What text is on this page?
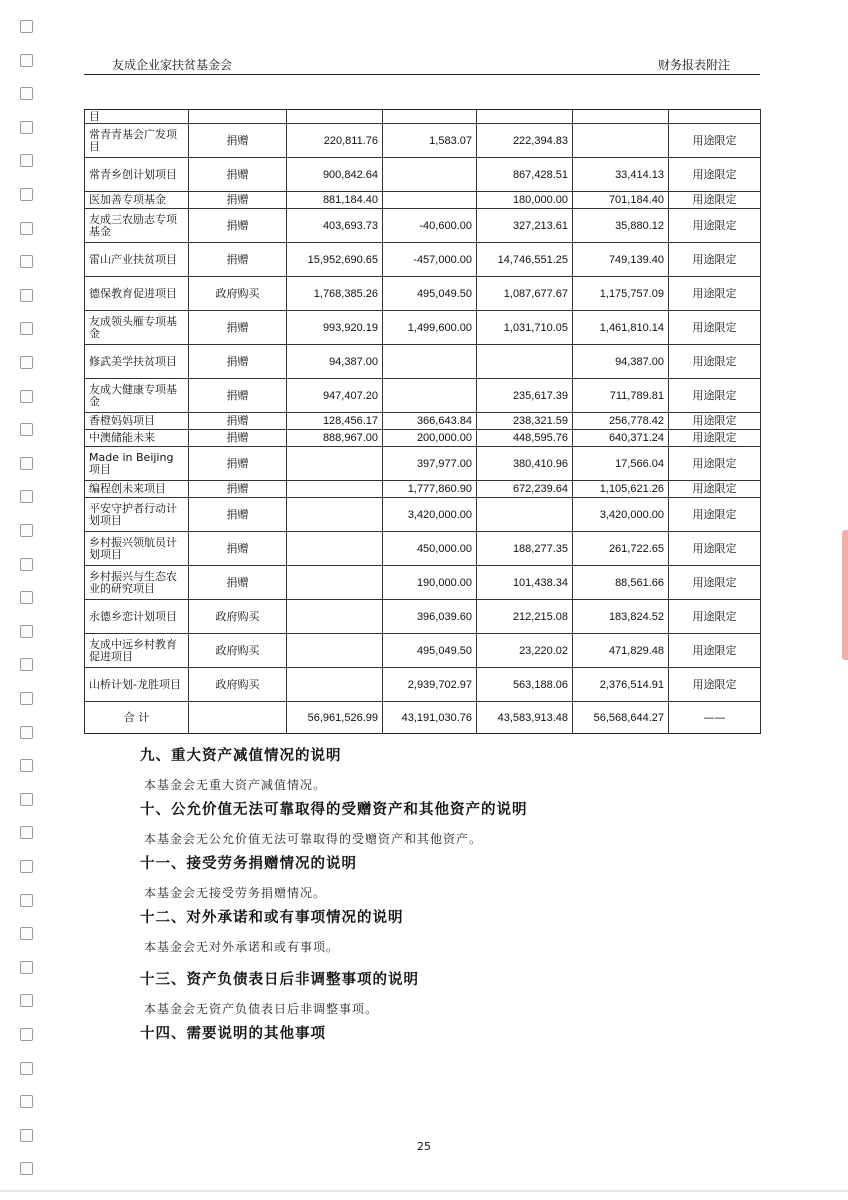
友成企业家扶贫基金会	财务报表附注
目						
常青青基会广发项目	捐赠	220,811.76	1,583.07	222,394.83		用途限定
常青乡创计划项目	捐赠	900,842.64		867,428.51	33,414.13	用途限定
医加善专项基金	捐赠	881,184.40		180,000.00	701,184.40	用途限定
友成三农励志专项基金	捐赠	403,693.73	-40,600.00	327,213.61	35,880.12	用途限定
雷山产业扶贫项目	捐赠	15,952,690.65	-457,000.00	14,746,551.25	749,139.40	用途限定
德保教育促进项目	政府购买	1,768,385.26	495,049.50	1,087,677.67	1,175,757.09	用途限定
友成领头雁专项基金	捐赠	993,920.19	1,499,600.00	1,031,710.05	1,461,810.14	用途限定
修武美学扶贫项目	捐赠	94,387.00			94,387.00	用途限定
友成大健康专项基金	捐赠	947,407.20		235,617.39	711,789.81	用途限定
香橙妈妈项目	捐赠	128,456.17	366,643.84	238,321.59	256,778.42	用途限定
中澳储能未来	捐赠	888,967.00	200,000.00	448,595.76	640,371.24	用途限定
Made in Beijing项目	捐赠		397,977.00	380,410.96	17,566.04	用途限定
编程创未来项目	捐赠		1,777,860.90	672,239.64	1,105,621.26	用途限定
平安守护者行动计划项目	捐赠		3,420,000.00		3,420,000.00	用途限定
乡村振兴领航员计划项目	捐赠		450,000.00	188,277.35	261,722.65	用途限定
乡村振兴与生态农业的研究项目	捐赠		190,000.00	101,438.34	88,561.66	用途限定
永德乡恋计划项目	政府购买		396,039.60	212,215.08	183,824.52	用途限定
友成中远乡村教育促进项目	政府购买		495,049.50	23,220.02	471,829.48	用途限定
山桥计划-龙胜项目	政府购买		2,939,702.97	563,188.06	2,376,514.91	用途限定
合 计		56,961,526.99	43,191,030.76	43,583,913.48	56,568,644.27	——
九、重大资产减值情况的说明
本基金会无重大资产减值情况。
十、公允价值无法可靠取得的受赠资产和其他资产的说明
本基金会无公允价值无法可靠取得的受赠资产和其他资产。
十一、接受劳务捐赠情况的说明
本基金会无接受劳务捐赠情况。
十二、对外承诺和或有事项情况的说明
本基金会无对外承诺和或有事项。
十三、资产负债表日后非调整事项的说明
本基金会无资产负债表日后非调整事项。
十四、需要说明的其他事项
25
